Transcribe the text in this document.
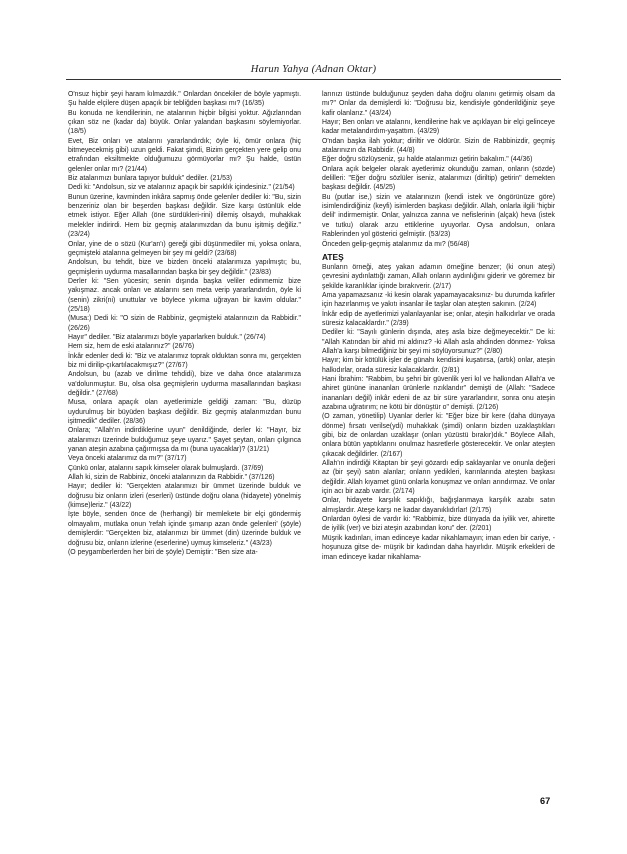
Harun Yahya (Adnan Oktar)

O'nsuz hiçbir şeyi haram kılmazdık." Onlardan öncekiler de böyle yapmıştı. Şu halde elçilere düşen apaçık bir tebliğden başkası mı? (16/35)

Bu konuda ne kendilerinin, ne atalarının hiçbir bilgisi yoktur. Ağızlarından çıkan söz ne (kadar da) büyük. Onlar yalandan başkasını söylemiyorlar. (18/5)

Evet, Biz onları ve atalarını yararlandırdık; öyle ki, ömür onlara (hiç bitmeyecekmiş gibi) uzun geldi. Fakat şimdi, Bizim gerçekten yere gelip onu etrafından eksiltmekte olduğumuzu görmüyorlar mı? Şu halde, üstün gelenler onlar mı? (21/44)

Biz atalarımızı bunlara tapıyor bulduk" dediler. (21/53)

Dedi ki: "Andolsun, siz ve atalarınız apaçık bir sapıklık içindesiniz." (21/54)

Bunun üzerine, kavminden inkâra sapmış önde gelenler dediler ki: "Bu, sizin benzeriniz olan bir beşerden başkası değildir. Size karşı üstünlük elde etmek istiyor. Eğer Allah (öne sürdükleri-rini) dilemiş olsaydı, muhakkak melekler indirirdi. Hem biz geçmiş atalarımızdan da bunu işitmiş değiliz." (23/24)

Onlar, yine de o sözü (Kur'an'ı) gereği gibi düşünmediler mi, yoksa onlara, geçmişteki atalarına gelmeyen bir şey mi geldi? (23/68)

Andolsun, bu tehdit, bize ve bizden önceki atalarımıza yapılmıştı; bu, geçmişlerin uydurma masallarından başka bir şey değildir." (23/83)

Derler ki: "Sen yücesin; senin dışında başka veliler edinmemiz bize yakışmaz. ancak onları ve atalarını sen meta verip yararlandırdın, öyle ki (senin) zikri(ni) unuttular ve böylece yıkıma uğrayan bir kavim oldular." (25/18)

(Musa:) Dedi ki: "O sizin de Rabbiniz, geçmişteki atalarınızın da Rabbidir." (26/26)

Hayır" dediler. "Biz atalarımızı böyle yaparlarken bulduk." (26/74)

Hem siz, hem de eski atalarınız?" (26/76)

İnkâr edenler dedi ki: "Biz ve atalarımız toprak olduktan sonra mı, gerçekten biz mi dirilip-çıkartılacakmışız?" (27/67)

Andolsun, bu (azab ve dirilme tehdidi), bize ve daha önce atalarımıza va'dolunmuştur. Bu, olsa olsa geçmişlerin uydurma masallarından başkası değildir." (27/68)

Musa, onlara apaçık olan ayetlerimizle geldiği zaman: "Bu, düzüp uydurulmuş bir büyüden başkası değildir. Biz geçmiş atalarımızdan bunu işitmedik" dediler. (28/36)

Onlara; "Allah'ın indirdiklerine uyun" denildiğinde, derler ki: "Hayır, biz atalarımızı üzerinde bulduğumuz şeye uyarız." Şayet şeytan, onları çılgınca yanan ateşin azabına çağırmışsa da mı (buna uyacaklar)? (31/21)

Veya önceki atalarımız da mı?" (37/17)

Çünkü onlar, atalarını sapık kimseler olarak bulmuşlardı. (37/69)

Allah ki, sizin de Rabbiniz, önceki atalarınızın da Rabbidir." (37/126)

Hayır; dediler ki: "Gerçekten atalarımızı bir ümmet üzerinde bulduk ve doğrusu biz onların izleri (eserleri) üstünde doğru olana (hidayete) yönelmiş (kimse)leriz." (43/22)

İşte böyle, senden önce de (herhangi) bir memlekete bir elçi göndermiş olmayalım, mutlaka onun 'refah içinde şımarıp azan önde gelenleri' (şöyle) demişlerdir: "Gerçekten biz, atalarımızı bir ümmet (din) üzerinde bulduk ve doğrusu biz, onların izlerine (eserlerine) uymuş kimseleriz." (43/23)

(O peygamberlerden her biri de şöyle) Demiştir: "Ben size ata-

larınızı üstünde bulduğunuz şeyden daha doğru olanını getirmiş olsam da mı?" Onlar da demişlerdi ki: "Doğrusu biz, kendisiyle gönderildiğiniz şeye kafir olanlarız." (43/24)

Hayır; Ben onları ve atalarını, kendilerine hak ve açıklayan bir elçi gelinceye kadar metalandırdım-yaşattım. (43/29)

O'ndan başka ilah yoktur; diriltir ve öldürür. Sizin de Rabbinizdir, geçmiş atalarınızın da Rabbidir. (44/8)

Eğer doğru sözlüyseniz, şu halde atalarımızı getirin bakalım." (44/36)

Onlara açık belgeler olarak ayetlerimiz okunduğu zaman, onların (sözde) delilleri: "Eğer doğru sözlüler iseniz, atalarımızı (diriltip) getirin" demekten başkası değildir. (45/25)

Bu (putlar ise,) sizin ve atalarınızın (kendi istek ve öngörünüze göre) isimlendirdiğiniz (keyfi) isimlerden başkası değildir. Allah, onlarla ilgili 'hiçbir delil' indirmemiştir. Onlar, yalnızca zanna ve nefislerinin (alçak) heva (istek ve tutku) olarak arzu ettiklerine uyuyorlar. Oysa andolsun, onlara Rablerinden yol gösterici gelmiştir. (53/23)

Önceden gelip-geçmiş atalarımız da mı? (56/48)

ATEŞ

Bunların örneği, ateş yakan adamın örneğine benzer; (ki onun ateşi) çevresini aydınlattığı zaman, Allah onların aydınlığını giderir ve göremez bir şekilde karanlıklar içinde bırakıverir. (2/17)

Ama yapamazsanız -ki kesin olarak yapamayacaksınız- bu durumda kafirler için hazırlanmış ve yakıtı insanlar ile taşlar olan ateşten sakının. (2/24)

İnkâr edip de ayetlerimizi yalanlayanlar ise; onlar, ateşin halkıdırlar ve orada süresiz kalacaklardır." (2/39)

Dediler ki: "Sayılı günlerin dışında, ateş asla bize değmeyecektir." De ki: "Allah Katından bir ahid mi aldınız? -ki Allah asla ahdinden dönmez- Yoksa Allah'a karşı bilmediğiniz bir şeyi mi söylüyorsunuz?" (2/80)

Hayır; kim bir kötülük işler de günahı kendisini kuşatırsa, (artık) onlar, ateşin halkıdırlar, orada süresiz kalacaklardır. (2/81)

Hani İbrahim: "Rabbim, bu şehri bir güvenlik yeri kıl ve halkından Allah'a ve ahiret gününe inananları ürünlerle rızıklandır" demişti de (Allah: "Sadece inananları değil) inkâr edeni de az bir süre yararlandırır, sonra onu ateşin azabına uğratırım; ne kötü bir dönüştür o" demişti. (2/126)

(O zaman, yönetilip) Uyanlar derler ki: "Eğer bize bir kere (daha dünyaya dönme) fırsatı verilse(ydi) muhakkak (şimdi) onların bizden uzaklaştıkları gibi, biz de onlardan uzaklaşır (onları yüzüstü bırakır)dık." Böylece Allah, onlara bütün yaptıklarını onulmaz hasretlerle gösterecektir. Ve onlar ateşten çıkacak değildirler. (2/167)

Allah'ın indirdiği Kitaptan bir şeyi gözardı edip saklayanlar ve onunla değeri az (bir şeyi) satın alanlar; onların yedikleri, karınlarında ateşten başkası değildir. Allah kıyamet günü onlarla konuşmaz ve onları arındırmaz. Ve onlar için acı bir azab vardır. (2/174)

Onlar, hidayete karşılık sapıklığı, bağışlanmaya karşılık azabı satın almışlardır. Ateşe karşı ne kadar dayanıklıdırlar! (2/175)

Onlardan öylesi de vardır ki: "Rabbimiz, bize dünyada da iyilik ver, ahirette de iyilik (ver) ve bizi ateşin azabından koru" der. (2/201)

Müşrik kadınları, iman edinceye kadar nikahlamayın; iman eden bir cariye, -hoşunuza gitse de- müşrik bir kadından daha hayırlıdır. Müşrik erkekleri de iman edinceye kadar nikahlama-

67
